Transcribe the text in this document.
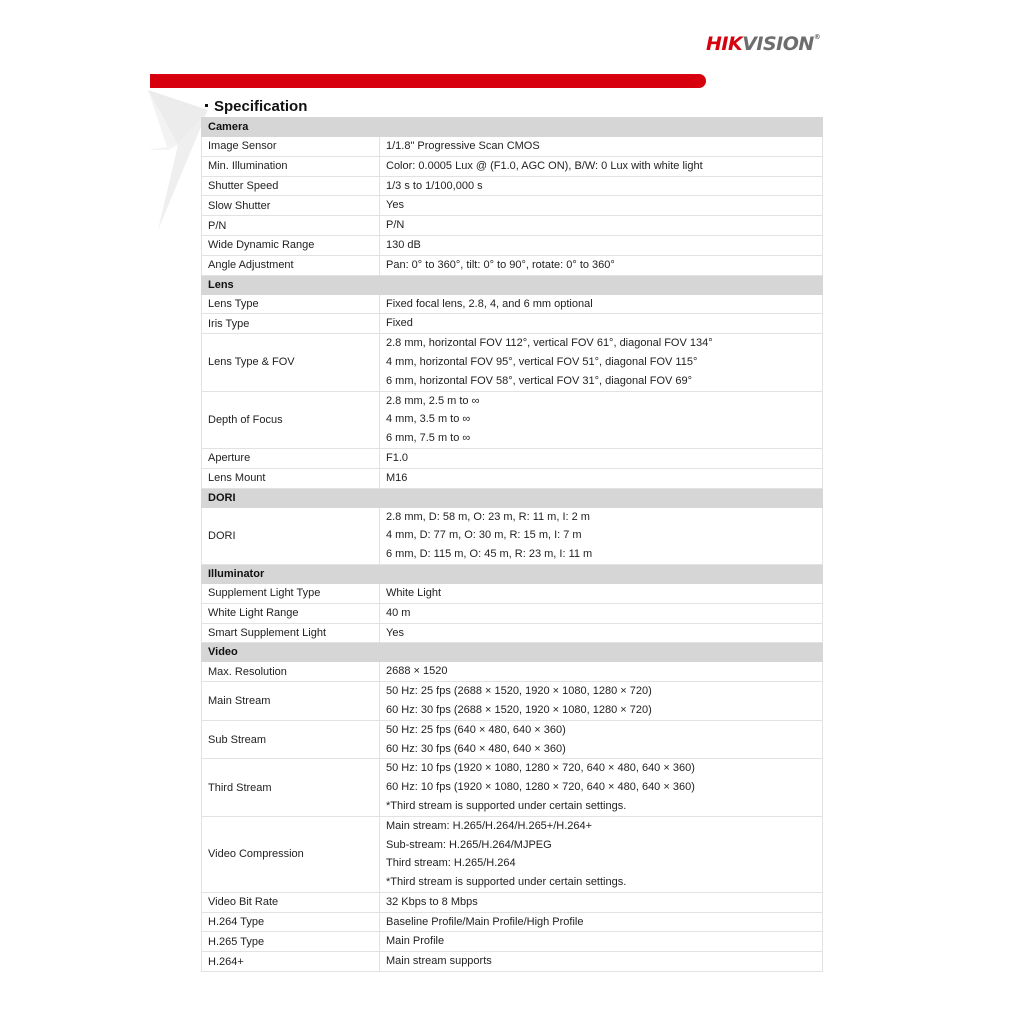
HIKVISION®
Specification
Camera	
Image Sensor	1/1.8" Progressive Scan CMOS

Min. Illumination	Color: 0.0005 Lux @ (F1.0, AGC ON), B/W: 0 Lux with white light

Shutter Speed	1/3 s to 1/100,000 s

Slow Shutter	Yes

P/N	P/N

Wide Dynamic Range	130 dB

Angle Adjustment	Pan: 0° to 360°, tilt: 0° to 90°, rotate: 0° to 360°

Lens	
Lens Type	Fixed focal lens, 2.8, 4, and 6 mm optional

Iris Type	Fixed

Lens Type & FOV	2.8 mm, horizontal FOV 112°, vertical FOV 61°, diagonal FOV 134°
4 mm, horizontal FOV 95°, vertical FOV 51°, diagonal FOV 115°
6 mm, horizontal FOV 58°, vertical FOV 31°, diagonal FOV 69°

Depth of Focus	2.8 mm, 2.5 m to ∞
4 mm, 3.5 m to ∞
6 mm, 7.5 m to ∞

Aperture	F1.0

Lens Mount	M16

DORI	
DORI	2.8 mm, D: 58 m, O: 23 m, R: 11 m, I: 2 m
4 mm, D: 77 m, O: 30 m, R: 15 m, I: 7 m
6 mm, D: 115 m, O: 45 m, R: 23 m, I: 11 m

Illuminator	
Supplement Light Type	White Light

White Light Range	40 m

Smart Supplement Light	Yes

Video	
Max. Resolution	2688 × 1520

Main Stream	50 Hz: 25 fps (2688 × 1520, 1920 × 1080, 1280 × 720)
60 Hz: 30 fps (2688 × 1520, 1920 × 1080, 1280 × 720)

Sub Stream	50 Hz: 25 fps (640 × 480, 640 × 360)
60 Hz: 30 fps (640 × 480, 640 × 360)

Third Stream	50 Hz: 10 fps (1920 × 1080, 1280 × 720, 640 × 480, 640 × 360)
60 Hz: 10 fps (1920 × 1080, 1280 × 720, 640 × 480, 640 × 360)
*Third stream is supported under certain settings.

Video Compression	Main stream: H.265/H.264/H.265+/H.264+
Sub-stream: H.265/H.264/MJPEG
Third stream: H.265/H.264
*Third stream is supported under certain settings.

Video Bit Rate	32 Kbps to 8 Mbps

H.264 Type	Baseline Profile/Main Profile/High Profile

H.265 Type	Main Profile

H.264+	Main stream supports
